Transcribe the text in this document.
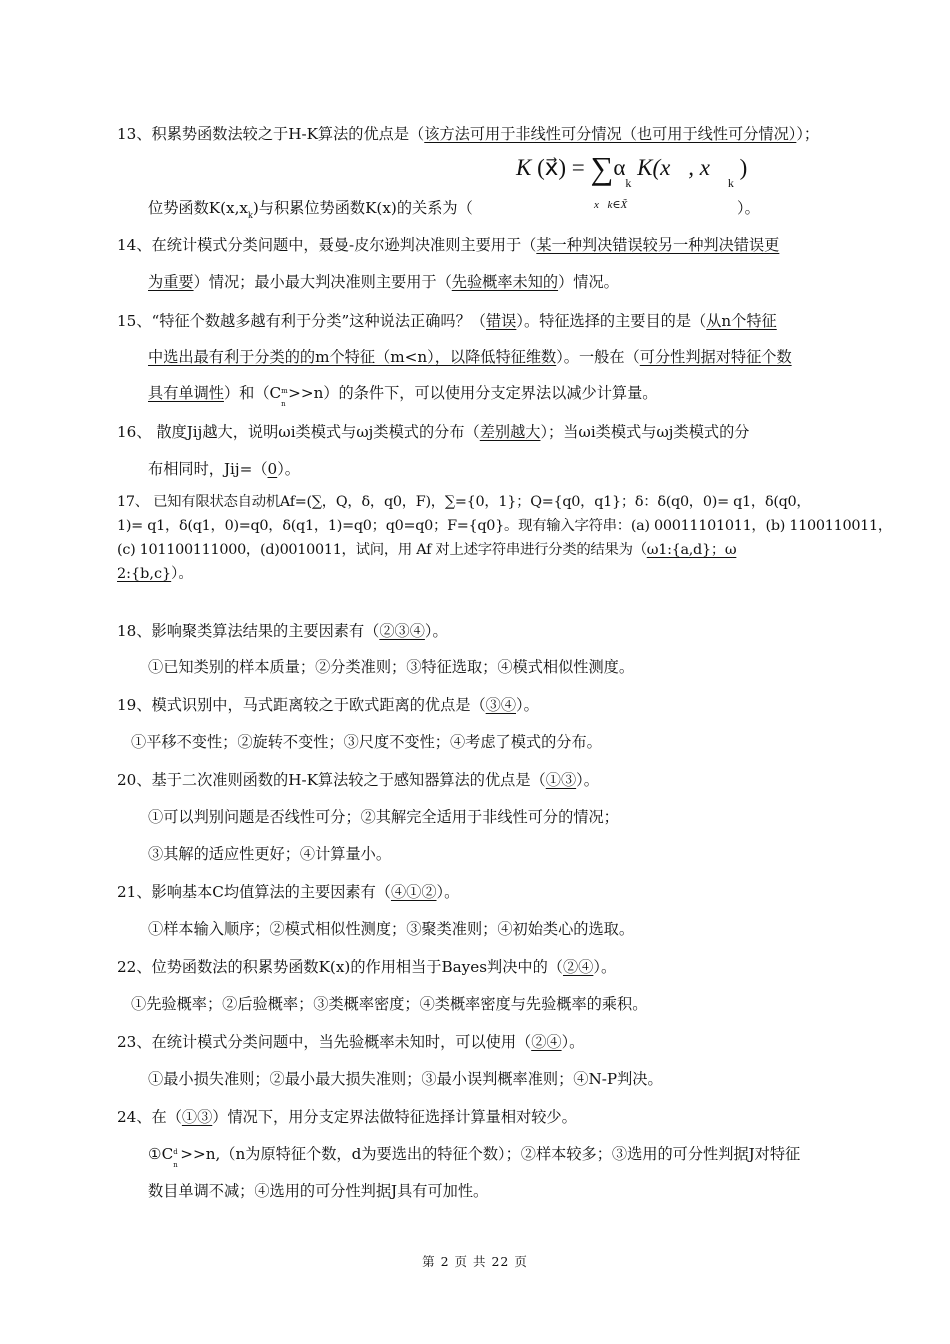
13、积累势函数法较之于H-K算法的优点是（该方法可用于非线性可分情况（也可用于线性可分情况））；
K (x⃗) = $\sum\alpha_k$ K(x⃗, $x⃗_k$ )
x⃗k∈X̃
位势函数$K(x,x_k)$与积累位势函数K(x)的关系为（	）。
14、在统计模式分类问题中，聂曼-皮尔逊判决准则主要用于（某一种判决错误较另一种判决错误更
为重要）情况；最小最大判决准则主要用于（先验概率未知的）情况。
15、“特征个数越多越有利于分类”这种说法正确吗？（错误）。特征选择的主要目的是（从n个特征
中选出最有利于分类的的m个特征（m<n），以降低特征维数）。一般在（可分性判据对特征个数
具有单调性）和（C m
n
>>n）的条件下，可以使用分支定界法以减少计算量。
16、 散度Jij越大，说明ωi类模式与ωj类模式的分布（差别越大）；当ωi类模式与ωj类模式的分
布相同时，Jij=（0）。
17、 已知有限状态自动机Af=(∑，Q，δ，q0，F)，∑={0，1}；Q={q0，q1}；δ：δ(q0，0)= q1，δ(q0，
1)= q1，δ(q1，0)=q0，δ(q1，1)=q0；q0=q0；F={q0}。现有输入字符串：(a) 00011101011，(b) 1100110011，
(c) 101100111000，(d)0010011，试问，用 Af 对上述字符串进行分类的结果为（ω1:{a,d}；ω
2:{b,c}）。
18、影响聚类算法结果的主要因素有（②③④）。
①已知类别的样本质量；②分类准则；③特征选取；④模式相似性测度。
19、模式识别中，马式距离较之于欧式距离的优点是（③④）。
①平移不变性；②旋转不变性；③尺度不变性；④考虑了模式的分布。
20、基于二次准则函数的H-K算法较之于感知器算法的优点是（①③）。
①可以判别问题是否线性可分；②其解完全适用于非线性可分的情况；
③其解的适应性更好；④计算量小。
21、影响基本C均值算法的主要因素有（④①②）。
①样本输入顺序；②模式相似性测度；③聚类准则；④初始类心的选取。
22、位势函数法的积累势函数K(x)的作用相当于Bayes判决中的（②④）。
①先验概率；②后验概率；③类概率密度；④类概率密度与先验概率的乘积。
23、在统计模式分类问题中，当先验概率未知时，可以使用（②④）。
①最小损失准则；②最小最大损失准则；③最小误判概率准则；④N-P判决。
24、在（①③）情况下，用分支定界法做特征选择计算量相对较少。
①C d
n
>>n,（n为原特征个数，d为要选出的特征个数）；②样本较多；③选用的可分性判据J对特征
数目单调不减；④选用的可分性判据J具有可加性。
第 2 页 共 22 页
